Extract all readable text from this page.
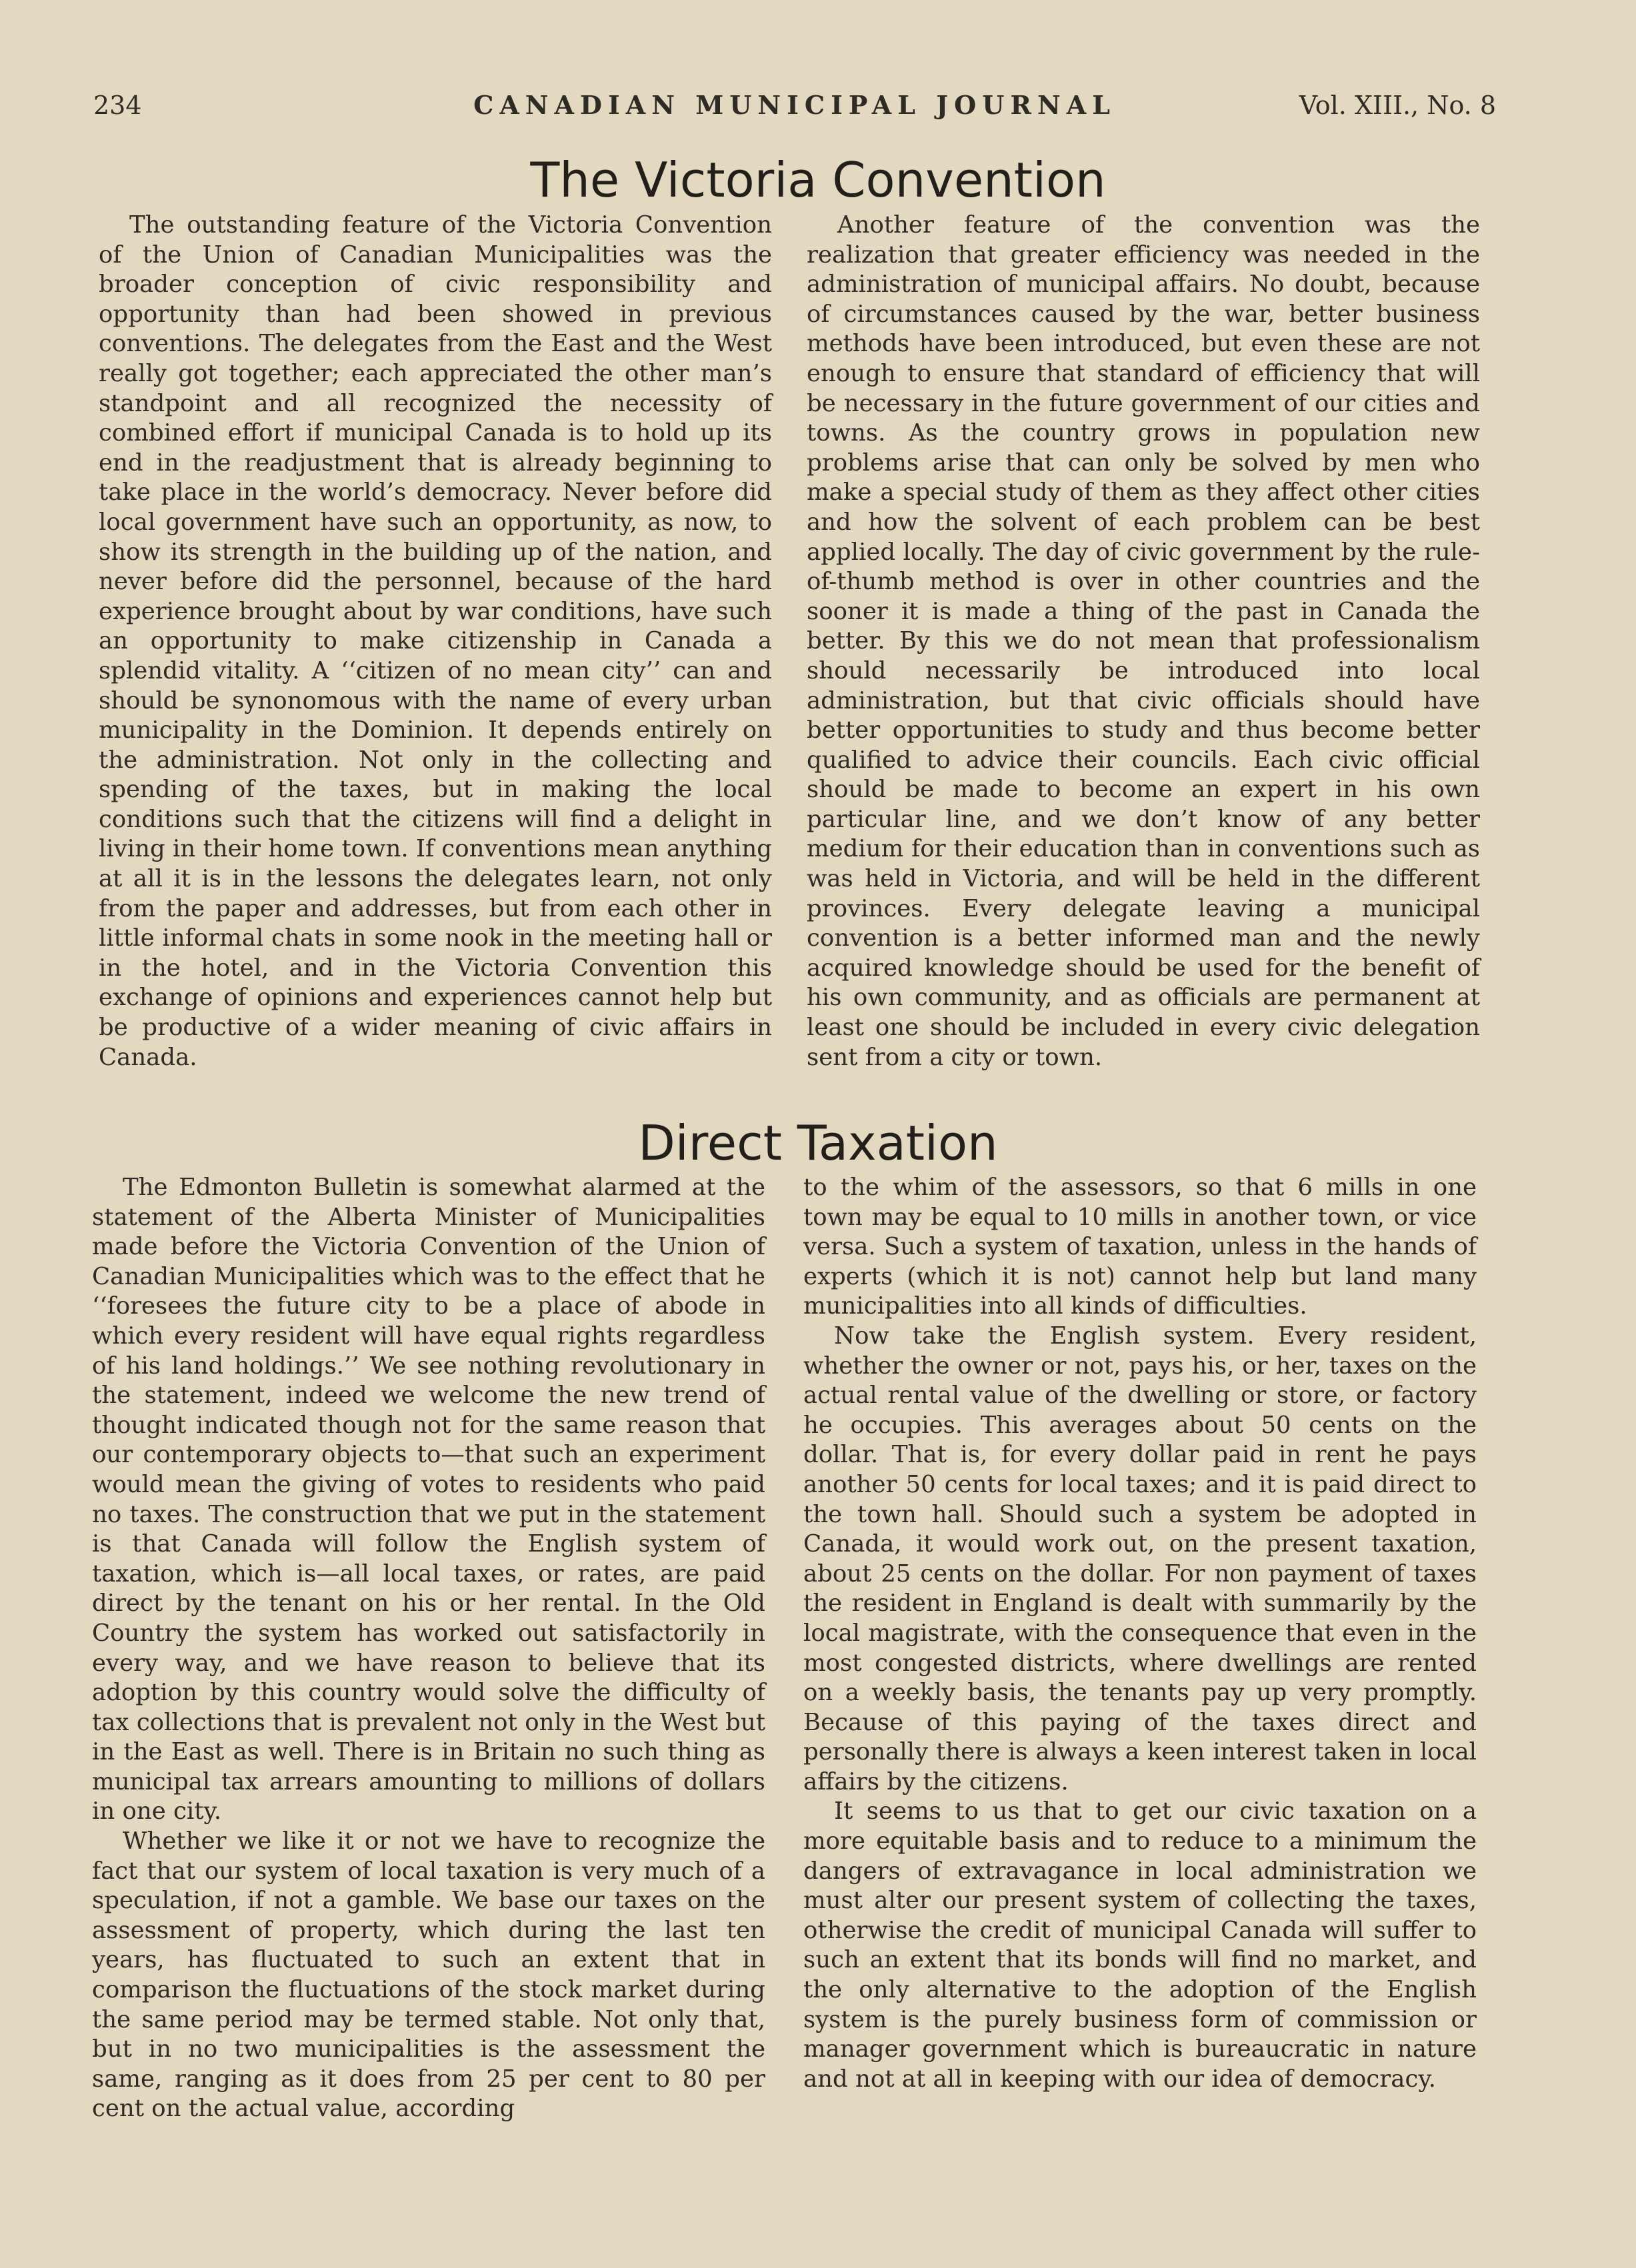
234	CANADIAN MUNICIPAL JOURNAL	Vol. XIII., No. 8
The Victoria Convention

The outstanding feature of the Victoria Convention of the Union of Canadian Municipalities was the broader conception of civic responsibility and opportunity than had been showed in previous conventions. The delegates from the East and the West really got together; each appreciated the other man’s standpoint and all recognized the necessity of combined effort if municipal Canada is to hold up its end in the readjustment that is already beginning to take place in the world’s democracy. Never before did local government have such an opportunity, as now, to show its strength in the building up of the nation, and never before did the personnel, because of the hard experience brought about by war conditions, have such an opportunity to make citizenship in Canada a splendid vitality. A ‘‘citizen of no mean city’’ can and should be synonomous with the name of every urban municipality in the Dominion. It depends entirely on the administration. Not only in the collecting and spending of the taxes, but in making the local conditions such that the citizens will find a delight in living in their home town. If conventions mean anything at all it is in the lessons the delegates learn, not only from the paper and addresses, but from each other in little informal chats in some nook in the meeting hall or in the hotel, and in the Victoria Convention this exchange of opinions and experiences cannot help but be productive of a wider meaning of civic affairs in Canada.

Another feature of the convention was the realization that greater efficiency was needed in the administration of municipal affairs. No doubt, because of circumstances caused by the war, better business methods have been introduced, but even these are not enough to ensure that standard of efficiency that will be necessary in the future government of our cities and towns. As the country grows in population new problems arise that can only be solved by men who make a special study of them as they affect other cities and how the solvent of each problem can be best applied locally. The day of civic government by the rule-of-thumb method is over in other countries and the sooner it is made a thing of the past in Canada the better. By this we do not mean that professionalism should necessarily be introduced into local administration, but that civic officials should have better opportunities to study and thus become better qualified to advice their councils. Each civic official should be made to become an expert in his own particular line, and we don’t know of any better medium for their education than in conventions such as was held in Victoria, and will be held in the different provinces. Every delegate leaving a municipal convention is a better informed man and the newly acquired knowledge should be used for the benefit of his own community, and as officials are permanent at least one should be included in every civic delegation sent from a city or town.

Direct Taxation

The Edmonton Bulletin is somewhat alarmed at the statement of the Alberta Minister of Municipalities made before the Victoria Convention of the Union of Canadian Municipalities which was to the effect that he ‘‘foresees the future city to be a place of abode in which every resident will have equal rights regardless of his land holdings.’’ We see nothing revolutionary in the statement, indeed we welcome the new trend of thought indicated though not for the same reason that our contemporary objects to—that such an experiment would mean the giving of votes to residents who paid no taxes. The construction that we put in the statement is that Canada will follow the English system of taxation, which is—all local taxes, or rates, are paid direct by the tenant on his or her rental. In the Old Country the system has worked out satisfactorily in every way, and we have reason to believe that its adoption by this country would solve the difficulty of tax collections that is prevalent not only in the West but in the East as well. There is in Britain no such thing as municipal tax arrears amounting to millions of dollars in one city.

Whether we like it or not we have to recognize the fact that our system of local taxation is very much of a speculation, if not a gamble. We base our taxes on the assessment of property, which during the last ten years, has fluctuated to such an extent that in comparison the fluctuations of the stock market during the same period may be termed stable. Not only that, but in no two municipalities is the assessment the same, ranging as it does from 25 per cent to 80 per cent on the actual value, according

to the whim of the assessors, so that 6 mills in one town may be equal to 10 mills in another town, or vice versa. Such a system of taxation, unless in the hands of experts (which it is not) cannot help but land many municipalities into all kinds of difficulties.

Now take the English system. Every resident, whether the owner or not, pays his, or her, taxes on the actual rental value of the dwelling or store, or factory he occupies. This averages about 50 cents on the dollar. That is, for every dollar paid in rent he pays another 50 cents for local taxes; and it is paid direct to the town hall. Should such a system be adopted in Canada, it would work out, on the present taxation, about 25 cents on the dollar. For non payment of taxes the resident in England is dealt with summarily by the local magistrate, with the consequence that even in the most congested districts, where dwellings are rented on a weekly basis, the tenants pay up very promptly. Because of this paying of the taxes direct and personally there is always a keen interest taken in local affairs by the citizens.

It seems to us that to get our civic taxation on a more equitable basis and to reduce to a minimum the dangers of extravagance in local administration we must alter our present system of collecting the taxes, otherwise the credit of municipal Canada will suffer to such an extent that its bonds will find no market, and the only alternative to the adoption of the English system is the purely business form of commission or manager government which is bureaucratic in nature and not at all in keeping with our idea of democracy.
